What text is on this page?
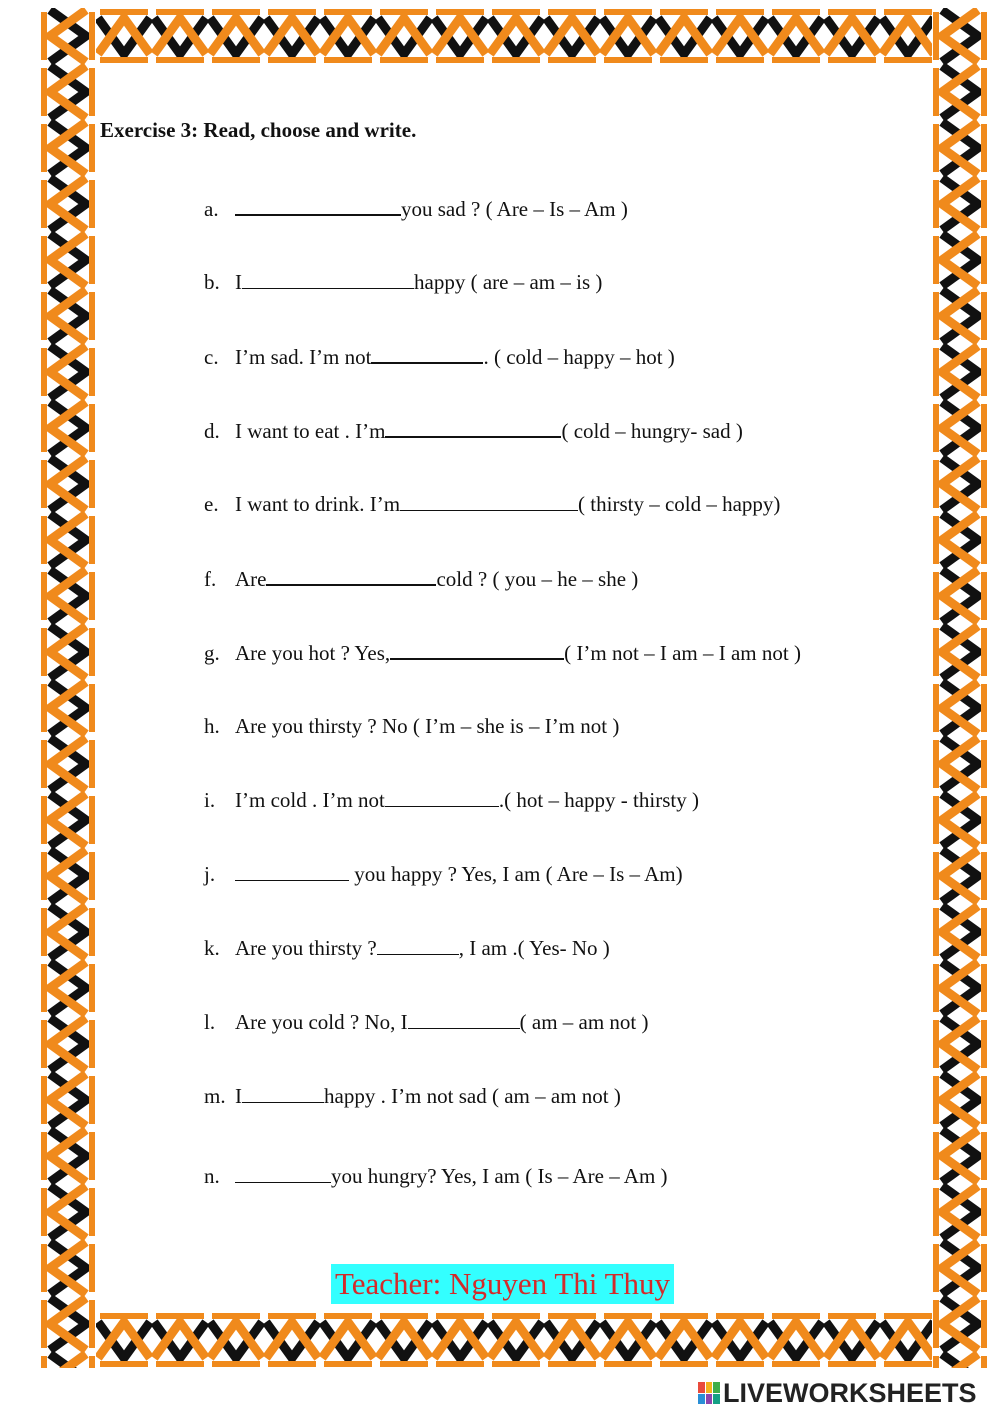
Exercise 3: Read, choose and write.
a.	you sad ? ( Are – Is – Am )
b. I	happy ( are – am – is )
c. I’m sad. I’m not	. ( cold – happy – hot )
d. I want to eat . I’m	( cold – hungry- sad )
e. I want to drink. I’m	( thirsty – cold – happy)
f. Are	cold ? ( you – he – she )
g. Are you hot ? Yes,	( I’m not – I am – I am not )
h. Are you thirsty ? No ( I’m – she is – I’m not )
i. I’m cold . I’m not	.( hot – happy - thirsty )
j.	you happy ? Yes, I am ( Are – Is – Am)
k. Are you thirsty ?	, I am .( Yes- No )
l. Are you cold ? No, I	( am – am not )
m. I	happy . I’m not sad ( am – am not )
n.	you hungry? Yes, I am ( Is – Are – Am )
Teacher: Nguyen Thi Thuy
LIVEWORKSHEETS
